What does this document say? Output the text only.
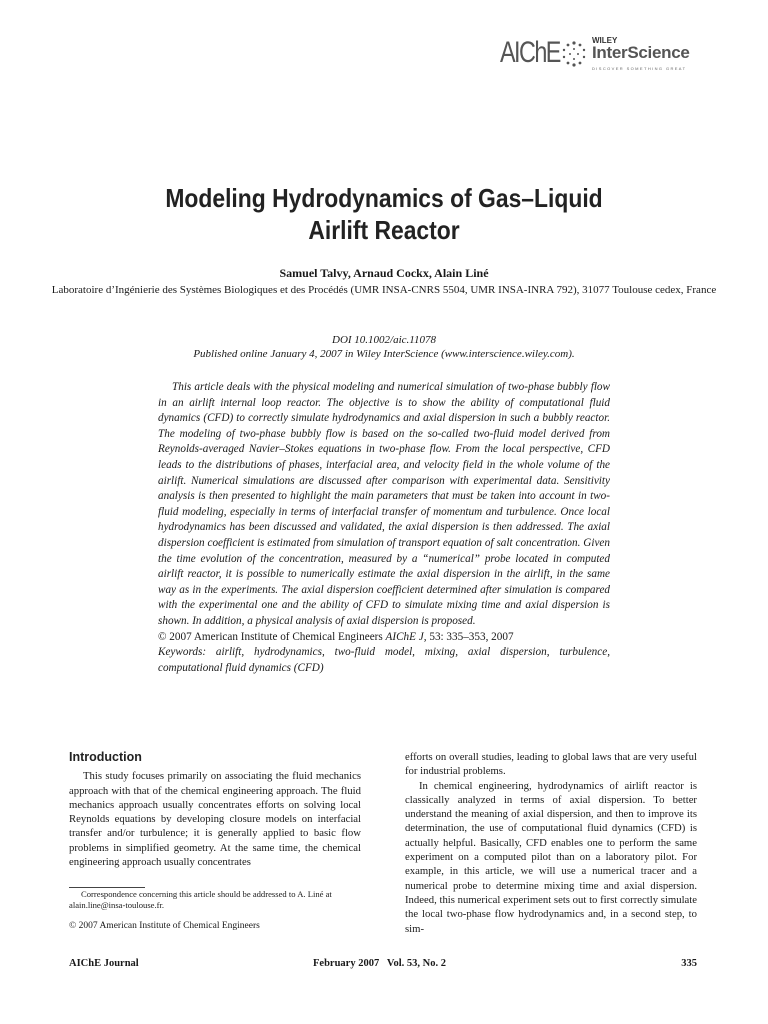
AIChE	WILEY
InterScience
DISCOVER SOMETHING GREAT
Modeling Hydrodynamics of Gas–Liquid
Airlift Reactor
Samuel Talvy, Arnaud Cockx, Alain Liné
Laboratoire d’Ingénierie des Systèmes Biologiques et des Procédés (UMR INSA-CNRS 5504, UMR INSA-INRA 792), 31077 Toulouse cedex, France
DOI 10.1002/aic.11078
Published online January 4, 2007 in Wiley InterScience (www.interscience.wiley.com).

This article deals with the physical modeling and numerical simulation of two-phase bubbly flow in an airlift internal loop reactor. The objective is to show the ability of computational fluid dynamics (CFD) to correctly simulate hydrodynamics and axial dispersion in such a bubbly reactor. The modeling of two-phase bubbly flow is based on the so-called two-fluid model derived from Reynolds-averaged Navier–Stokes equations in two-phase flow. From the local perspective, CFD leads to the distributions of phases, interfacial area, and velocity field in the whole volume of the airlift. Numerical simulations are discussed after comparison with experimental data. Sensitivity analysis is then presented to highlight the main parameters that must be taken into account in two-fluid modeling, especially in terms of interfacial transfer of momentum and turbulence. Once local hydrodynamics has been discussed and validated, the axial dispersion is then addressed. The axial dispersion coefficient is estimated from simulation of transport equation of salt concentration. Given the time evolution of the concentration, measured by a “numerical” probe located in computed airlift reactor, it is possible to numerically estimate the axial dispersion in the airlift, in the same way as in the experiments. The axial dispersion coefficient determined after simulation is compared with the experimental one and the ability of CFD to simulate mixing time and axial dispersion is shown. In addition, a physical analysis of axial dispersion is proposed.

© 2007 American Institute of Chemical Engineers AIChE J, 53: 335–353, 2007
Keywords: airlift, hydrodynamics, two-fluid model, mixing, axial dispersion, turbulence, computational fluid dynamics (CFD)
Introduction

This study focuses primarily on associating the fluid mechanics approach with that of the chemical engineering approach. The fluid mechanics approach usually concentrates efforts on solving local Reynolds equations by developing closure models on interfacial transfer and/or turbulence; it is generally applied to basic flow problems in simplified geometry. At the same time, the chemical engineering approach usually concentrates

Correspondence concerning this article should be addressed to A. Liné at alain.line@insa-toulouse.fr.
© 2007 American Institute of Chemical Engineers

efforts on overall studies, leading to global laws that are very useful for industrial problems.

In chemical engineering, hydrodynamics of airlift reactor is classically analyzed in terms of axial dispersion. To better understand the meaning of axial dispersion, and then to improve its determination, the use of computational fluid dynamics (CFD) is actually helpful. Basically, CFD enables one to perform the same experiment on a computed pilot than on a laboratory pilot. For example, in this article, we will use a numerical tracer and a numerical probe to determine mixing time and axial dispersion. Indeed, this numerical experiment sets out to first correctly simulate the local two-phase flow hydrodynamics and, in a second step, to sim-

AIChE Journal	February 2007   Vol. 53, No. 2	335
